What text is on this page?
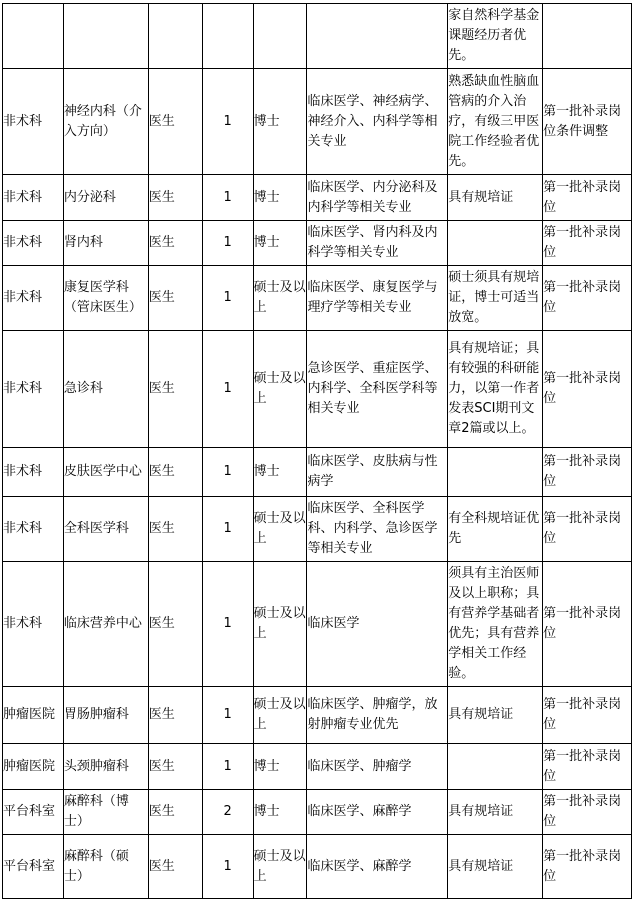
						家自然科学基金课题经历者优先。	
非术科	神经内科（介入方向）	医生	1	博士	临床医学、神经病学、神经介入、内科学等相关专业	熟悉缺血性脑血管病的介入治疗，有级三甲医院工作经验者优先。	第一批补录岗位条件调整
非术科	内分泌科	医生	1	博士	临床医学、内分泌科及内科学等相关专业	具有规培证	第一批补录岗位
非术科	肾内科	医生	1	博士	临床医学、肾内科及内科学等相关专业		第一批补录岗位
非术科	康复医学科（管床医生）	医生	1	硕士及以上	临床医学、康复医学与理疗学等相关专业	硕士须具有规培证，博士可适当放宽。	第一批补录岗位
非术科	急诊科	医生	1	硕士及以上	急诊医学、重症医学、内科学、全科医学科等相关专业	具有规培证；具有较强的科研能力，以第一作者发表SCI期刊文章2篇或以上。	第一批补录岗位
非术科	皮肤医学中心	医生	1	博士	临床医学、皮肤病与性病学		第一批补录岗位
非术科	全科医学科	医生	1	硕士及以上	临床医学、全科医学科、内科学、急诊医学等相关专业	有全科规培证优先	第一批补录岗位
非术科	临床营养中心	医生	1	硕士及以上	临床医学	须具有主治医师及以上职称；具有营养学基础者优先；具有营养学相关工作经验。	第一批补录岗位
肿瘤医院	胃肠肿瘤科	医生	1	硕士及以上	临床医学、肿瘤学，放射肿瘤专业优先	具有规培证	第一批补录岗位
肿瘤医院	头颈肿瘤科	医生	1	博士	临床医学、肿瘤学		第一批补录岗位
平台科室	麻醉科（博士）	医生	2	博士	临床医学、麻醉学	具有规培证	第一批补录岗位
平台科室	麻醉科（硕士）	医生	1	硕士及以上	临床医学、麻醉学	具有规培证	第一批补录岗位
